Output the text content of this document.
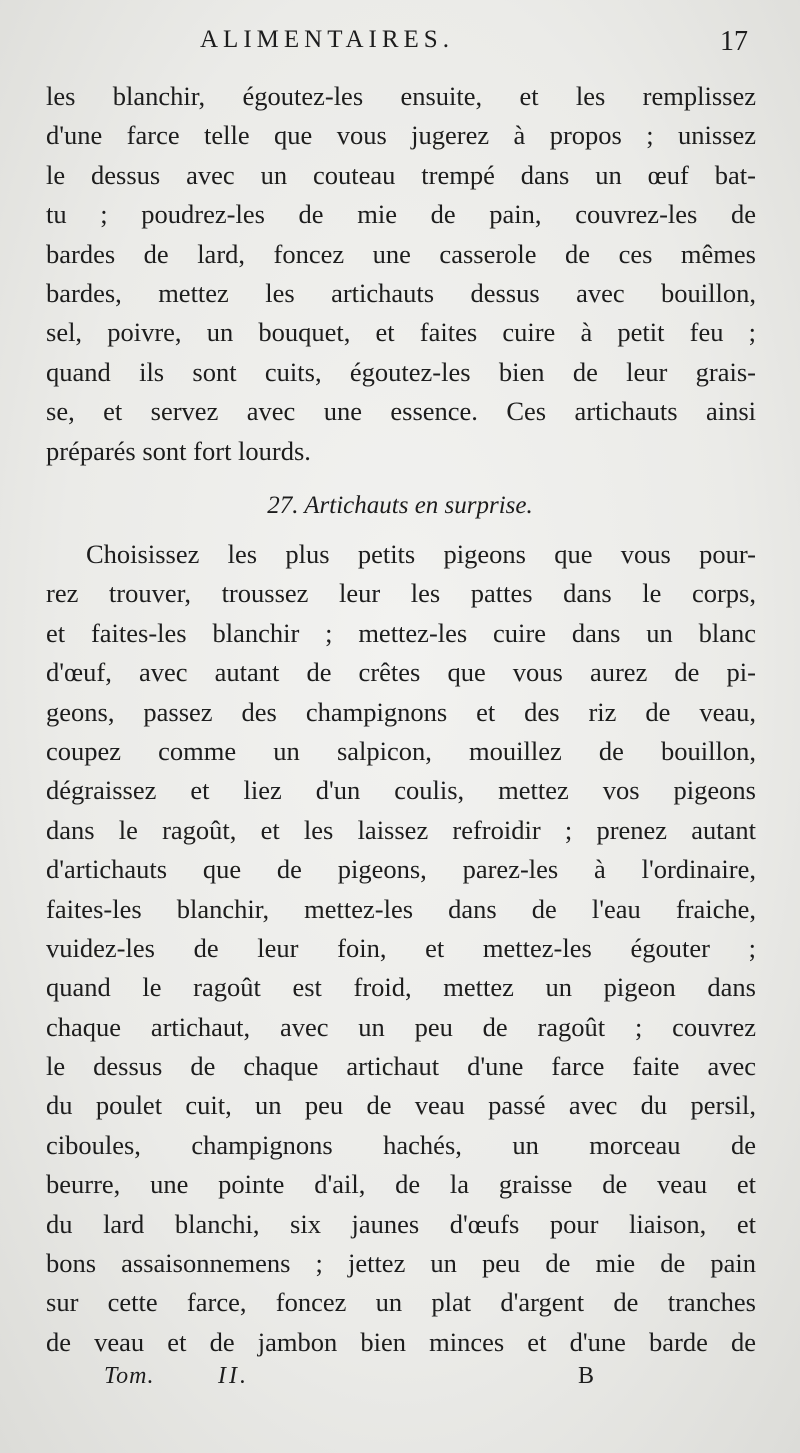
ALIMENTAIRES.	17
les blanchir, égoutez-les ensuite, et les remplissez
d'une farce telle que vous jugerez à propos ; unissez
le dessus avec un couteau trempé dans un œuf bat-
tu ; poudrez-les de mie de pain, couvrez-les de
bardes de lard, foncez une casserole de ces mêmes
bardes, mettez les artichauts dessus avec bouillon,
sel, poivre, un bouquet, et faites cuire à petit feu ;
quand ils sont cuits, égoutez-les bien de leur grais-
se, et servez avec une essence. Ces artichauts ainsi
préparés sont fort lourds.
27. Artichauts en surprise.
Choisissez les plus petits pigeons que vous pour-
rez trouver, troussez leur les pattes dans le corps,
et faites-les blanchir ; mettez-les cuire dans un blanc
d'œuf, avec autant de crêtes que vous aurez de pi-
geons, passez des champignons et des riz de veau,
coupez comme un salpicon, mouillez de bouillon,
dégraissez et liez d'un coulis, mettez vos pigeons
dans le ragoût, et les laissez refroidir ; prenez autant
d'artichauts que de pigeons, parez-les à l'ordinaire,
faites-les blanchir, mettez-les dans de l'eau fraiche,
vuidez-les de leur foin, et mettez-les égouter ;
quand le ragoût est froid, mettez un pigeon dans
chaque artichaut, avec un peu de ragoût ; couvrez
le dessus de chaque artichaut d'une farce faite avec
du poulet cuit, un peu de veau passé avec du persil,
ciboules, champignons hachés, un morceau de
beurre, une pointe d'ail, de la graisse de veau et
du lard blanchi, six jaunes d'œufs pour liaison, et
bons assaisonnemens ; jettez un peu de mie de pain
sur cette farce, foncez un plat d'argent de tranches
de veau et de jambon bien minces et d'une barde de
Tom.	II.	B
